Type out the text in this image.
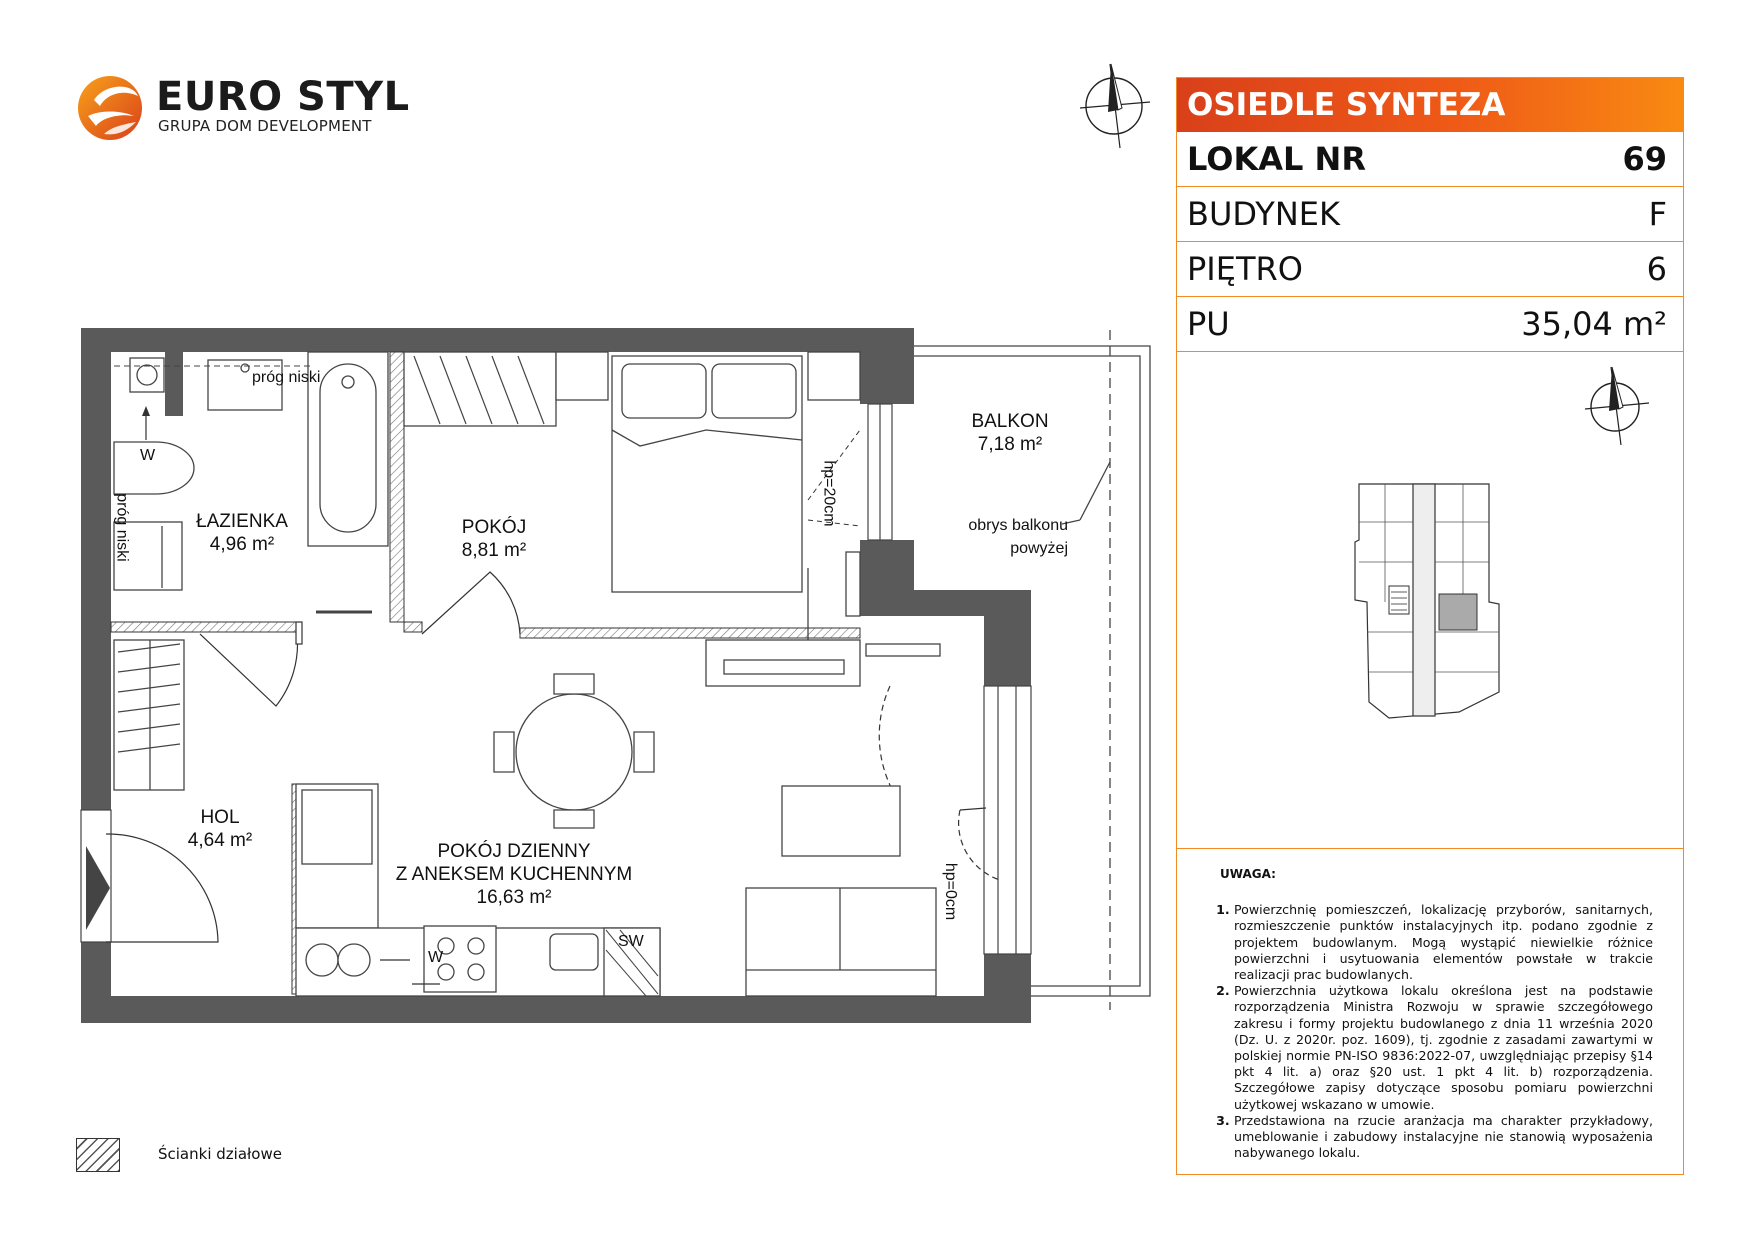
EURO STYL
GRUPA DOM DEVELOPMENT
ŁAZIENKA
4,96 m²
POKÓJ
8,81 m²
BALKON
7,18 m²
HOL
4,64 m²
POKÓJ DZIENNY
Z ANEKSEM KUCHENNYM
16,63 m²
obrys balkonu
powyżej
próg niski
próg niski	hp=20cm
hp=0cm
W
W
SW
Ścianki działowe
OSIEDLE SYNTEZA
LOKAL NR	69
BUDYNEK	F
PIĘTRO	6
PU	35,04 m²
UWAGA:
1. Powierzchnię pomieszczeń, lokalizację przyborów, sanitarnych, rozmieszczenie punktów instalacyjnych itp. podano zgodnie z projektem budowlanym. Mogą wystąpić niewielkie różnice powierzchni i usytuowania elementów powstałe w trakcie realizacji prac budowlanych.
2. Powierzchnia użytkowa lokalu określona jest na podstawie rozporządzenia Ministra Rozwoju w sprawie szczegółowego zakresu i formy projektu budowlanego z dnia 11 września 2020 (Dz. U. z 2020r. poz. 1609), tj. zgodnie z zasadami zawartymi w polskiej normie PN-ISO 9836:2022-07, uwzględniając przepisy §14 pkt 4 lit. a) oraz §20 ust. 1 pkt 4 lit. b) rozporządzenia. Szczegółowe zapisy dotyczące sposobu pomiaru powierzchni użytkowej wskazano w umowie.
3. Przedstawiona na rzucie aranżacja ma charakter przykładowy, umeblowanie i zabudowy instalacyjne nie stanowią wyposażenia nabywanego lokalu.
